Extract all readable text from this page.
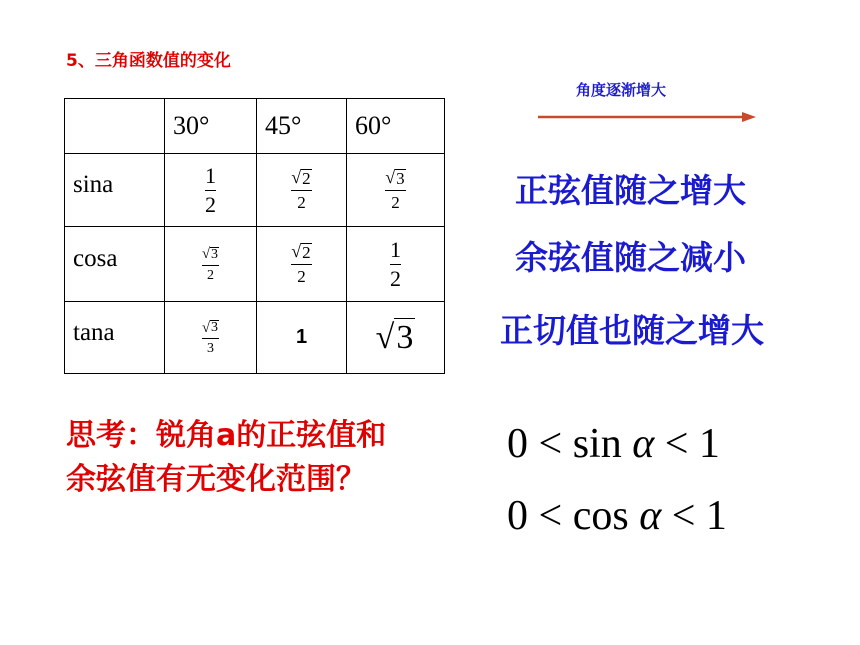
5、三角函数值的变化
角度逐渐增大
	30°	45°	60°
sina	$\frac{1}{2}$	$\frac{√ 2}{2}$	$\frac{√ 3}{2}$

cosa	$\frac{√ 3}{2}$	$\frac{√ 2}{2}$	$\frac{1}{2}$

tana	$\frac{√ 3}{3}$	1	√ 3
正弦值随之增大
余弦值随之减小
正切值也随之增大
思考：锐角a的正弦值和
余弦值有无变化范围？
0 < sin α < 1
0 < cos α < 1
